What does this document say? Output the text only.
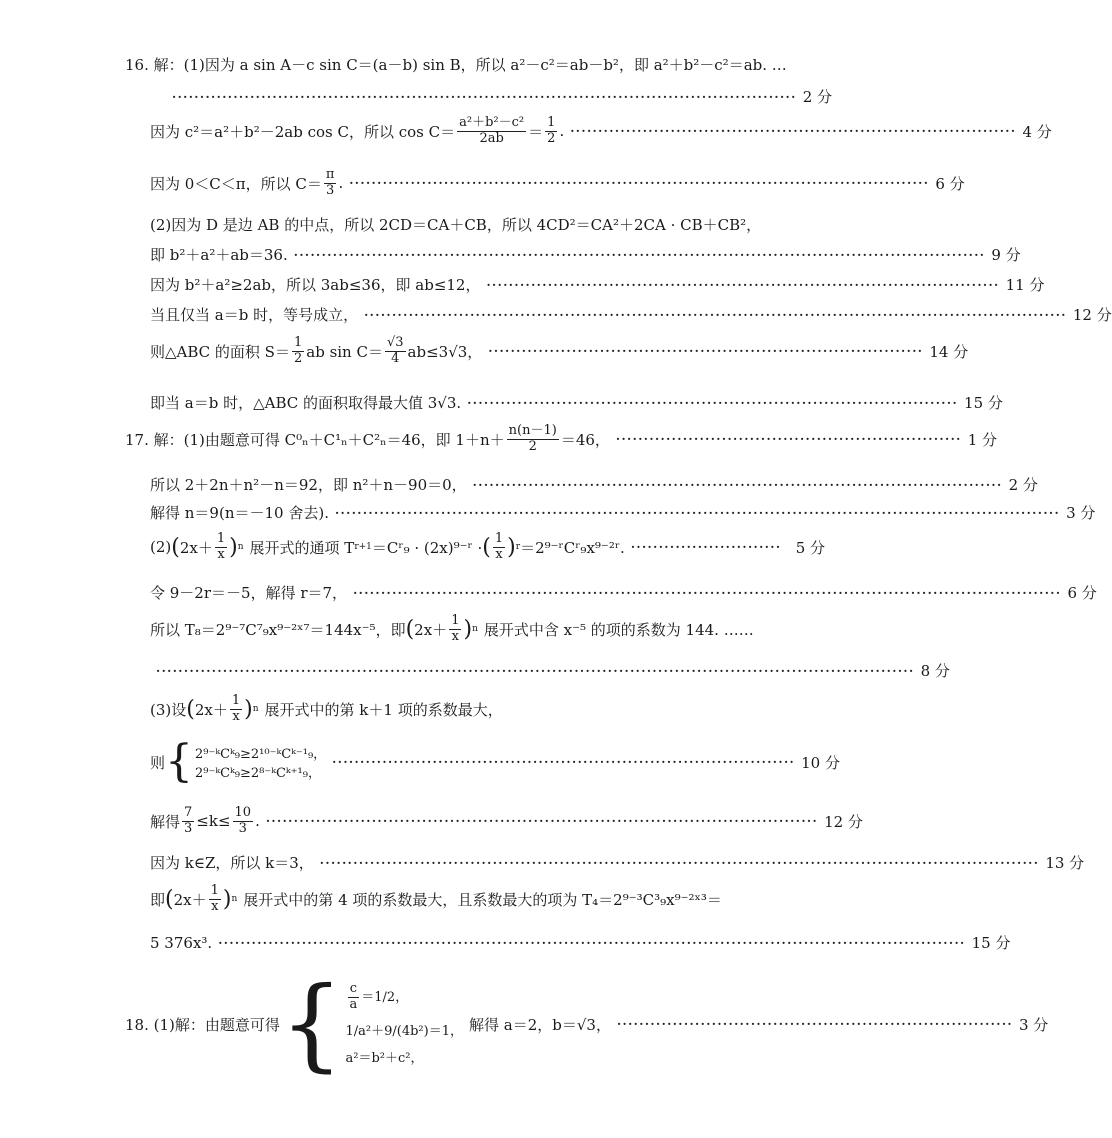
16. 解：(1)因为 a sin A－c sin C＝(a－b) sin B，所以 a²－c²＝ab－b²，即 a²＋b²－c²＝ab. …
················································································································ 2 分
因为 c²＝a²＋b²－2ab cos C，所以 $\cos C= \frac{\text{a²＋b²－c²}}{2ab} = \frac{1}{2}$ . ················································································ 4 分
因为 0＜C＜π，所以 $C= \frac{\pi}{3}$ . ········································································································ 6 分
(2)因为 D 是边 AB 的中点，所以 2CD＝CA＋CB，所以 4CD²＝CA²＋2CA · CB＋CB²，
即 b²＋a²＋ab＝36. ···························································································································· 9 分
因为 b²＋a²≥2ab，所以 3ab≤36，即 ab≤12， ···························································································· 11 分
当且仅当 a＝b 时，等号成立， ······························································································································ 12 分
则△ABC 的面积 $S= \frac{1}{2}$ ab $\sin C= \frac{√3}{4} ab\le 3√3$， ·············································································· 14 分
即当 a＝b 时，△ABC 的面积取得最大值 3√3. ························································································ 15 分
17. 解：(1)由题意可得 C⁰ₙ＋C¹ₙ＋C²ₙ＝46，即 $1+n+ \frac{n(n-1)}{2} =46$， ······························································ 1 分
所以 2＋2n＋n²－n＝92，即 n²＋n－90＝0， ······························································································· 2 分
解得 n＝9(n＝－10 舍去). ·································································································································· 3 分
(2) ( $2x+ \frac{1}{x}$ ) n 展开式的通项 T r+1 ＝Cʳ₉ · (2x)⁹⁻ʳ · ( $\frac{1}{x}$ ) r ＝2⁹⁻ʳCʳ₉x⁹⁻²ʳ. ··························· 5 分
令 9－2r＝－5，解得 r＝7， ······························································································································· 6 分
所以 T₈＝2⁹⁻⁷C⁷₉x⁹⁻²ˣ⁷＝144x⁻⁵，即 ( $2x+ \frac{1}{x}$ ) n 展开式中含 x⁻⁵ 的项的系数为 144. ……
········································································································································ 8 分
(3)设 ( $2x+ \frac{1}{x}$ ) n 展开式中的第 k＋1 项的系数最大，
则 { 2⁹⁻ᵏCᵏ₉≥2¹⁰⁻ᵏCᵏ⁻¹₉，
2⁹⁻ᵏCᵏ₉≥2⁸⁻ᵏCᵏ⁺¹₉，
··················································································· 10 分
解得 $\frac{7}{3} \le k\le \frac{10}{3}$ . ··································································································· 12 分
因为 k∈Z，所以 k＝3， ································································································································· 13 分
即 ( $2x+ \frac{1}{x}$ ) n 展开式中的第 4 项的系数最大，且系数最大的项为 T₄＝2⁹⁻³C³₉x⁹⁻²ˣ³＝
5 376x³. ······································································································································ 15 分
18. (1)解：由题意可得 { $\frac{c}{a} =1/2$，
1/a²＋9/(4b²)＝1，
a²＝b²＋c²，
解得 a＝2，b＝√3， ······································································· 3 分
